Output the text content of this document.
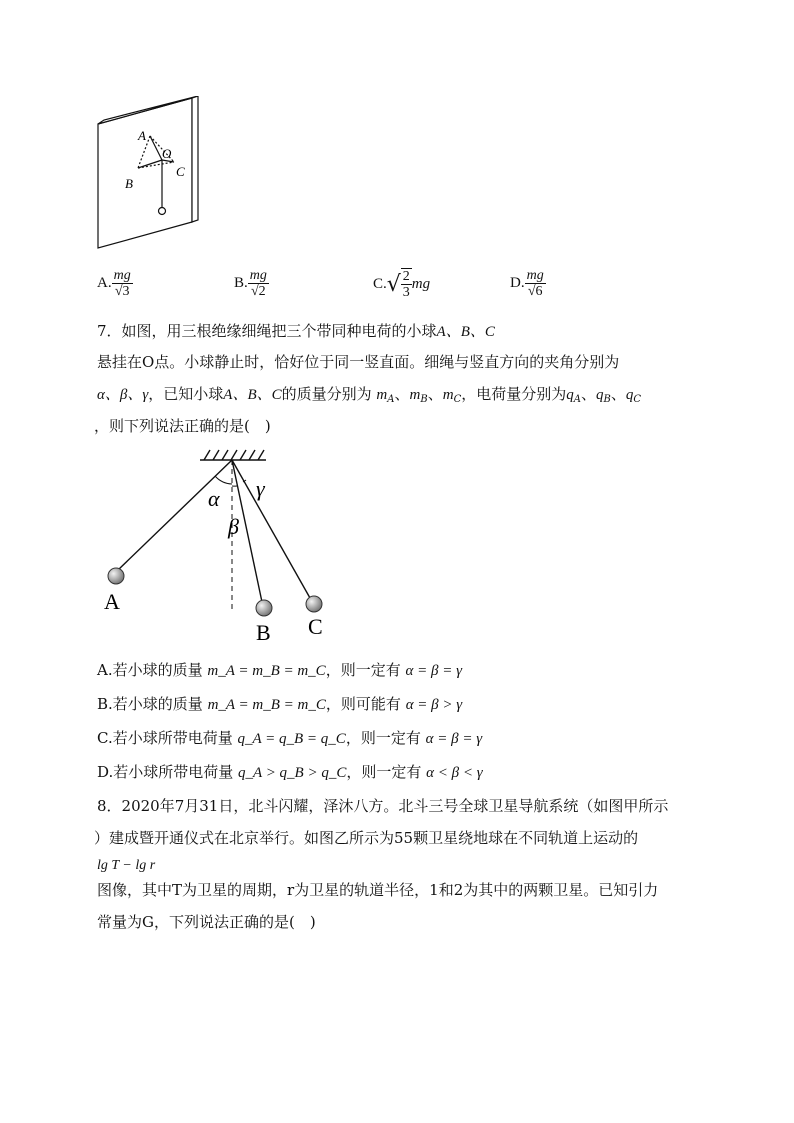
A
O
B
C
A. $\frac{mg}{√3}$	B. $\frac{mg}{√2}$	C. √ $\frac{2}{3}$ mg	D. $\frac{mg}{√6}$
7．如图，用三根绝缘细绳把三个带同种电荷的小球A、B、C
悬挂在O点。小球静止时，恰好位于同一竖直面。细绳与竖直方向的夹角分别为
α、β、γ，已知小球A、B、C的质量分别为 $m_A$、$m_B$、$m_C$，电荷量分别为$q_A$、$q_B$、$q_C$
，则下列说法正确的是(　)
α
β
γ
A
B C
A.若小球的质量 m_A = m_B = m_C，则一定有 α = β = γ
B.若小球的质量 m_A = m_B = m_C，则可能有 α = β > γ
C.若小球所带电荷量 q_A = q_B = q_C，则一定有 α = β = γ
D.若小球所带电荷量 q_A > q_B > q_C，则一定有 α < β < γ
8．2020年7月31日，北斗闪耀，泽沐八方。北斗三号全球卫星导航系统（如图甲所示
）建成暨开通仪式在北京举行。如图乙所示为55颗卫星绕地球在不同轨道上运动的
lg T − lg r
图像，其中T为卫星的周期，r为卫星的轨道半径，1和2为其中的两颗卫星。已知引力
常量为G，下列说法正确的是(　)
